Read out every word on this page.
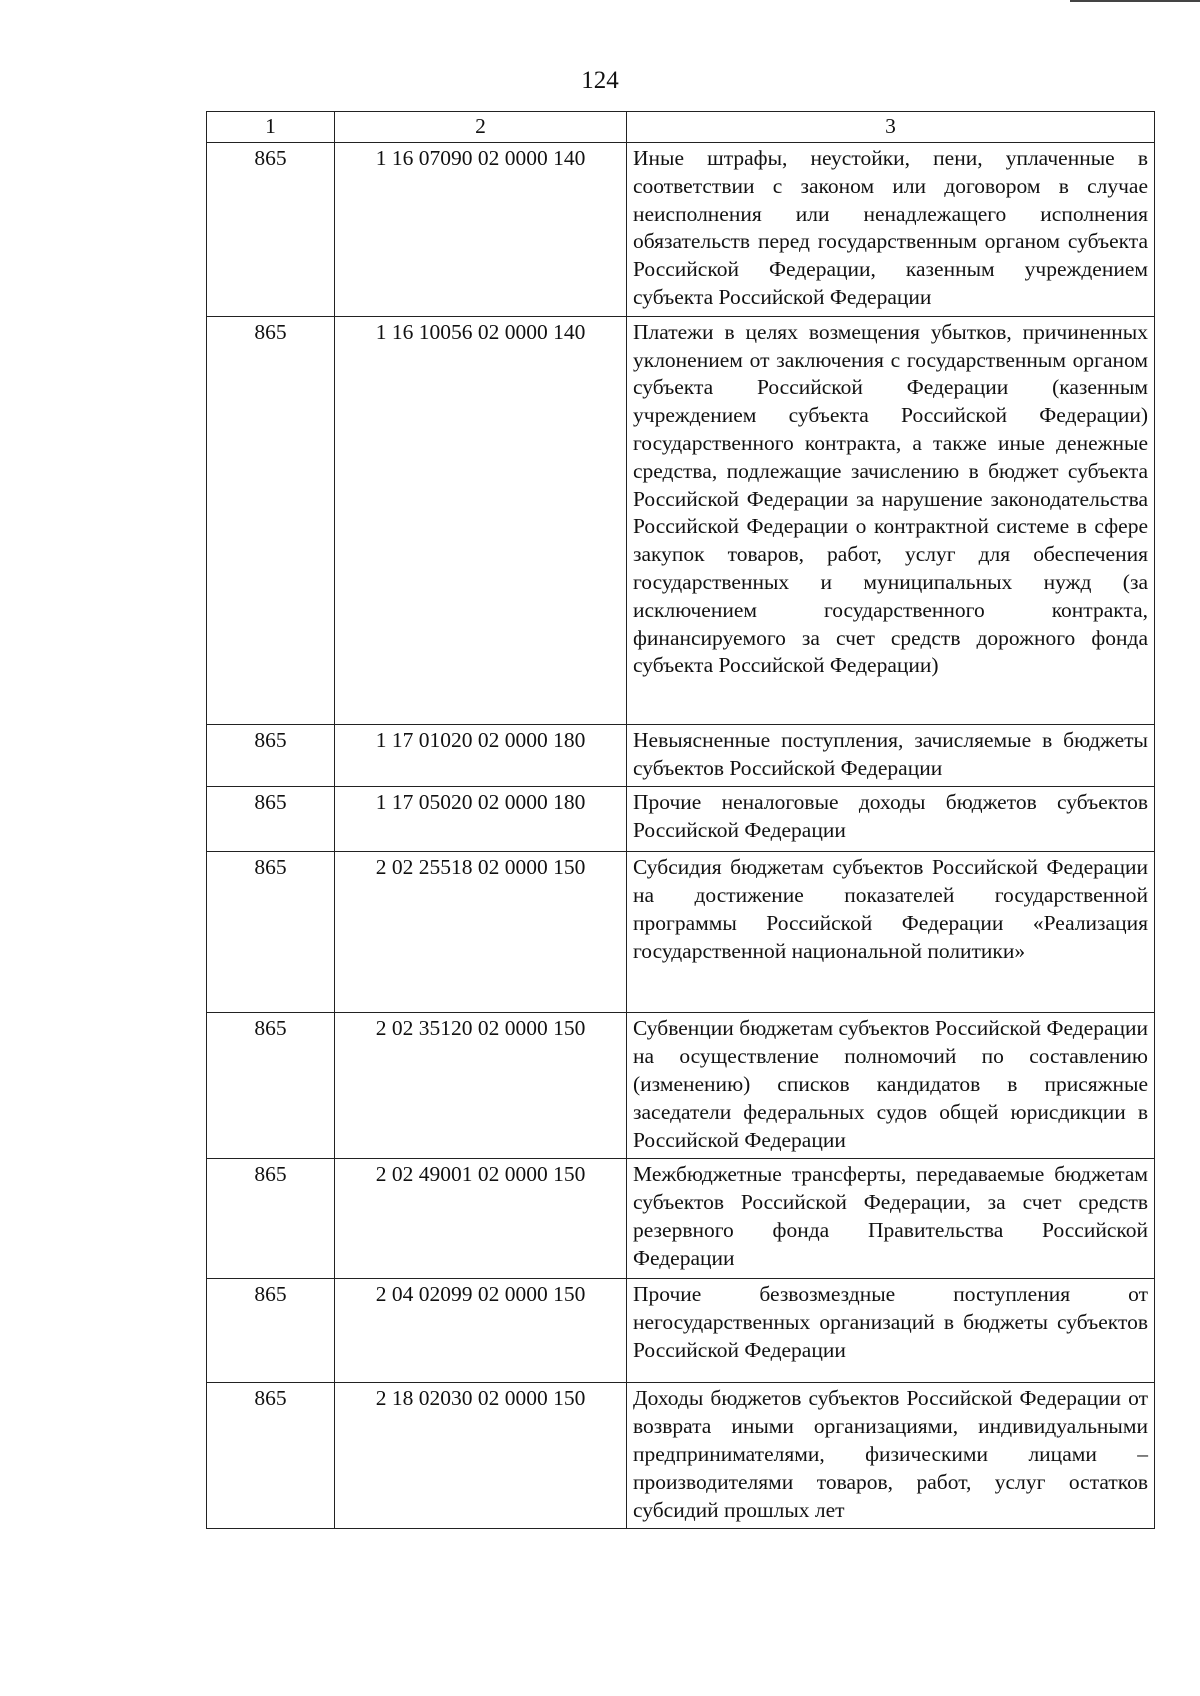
124
1	2	3
865	1 16 07090 02 0000 140	Иные штрафы, неустойки, пени, уплаченные в соответствии с законом или договором в случае неисполнения или ненадлежащего исполнения обязательств перед государственным органом субъекта Российской Федерации, казенным учреждением субъекта Российской Федерации
865	1 16 10056 02 0000 140	Платежи в целях возмещения убытков, причиненных уклонением от заключения с государственным органом субъекта Российской Федерации (казенным учреждением субъекта Российской Федерации) государственного контракта, а также иные денежные средства, подлежащие зачислению в бюджет субъекта Российской Федерации за нарушение законодательства Российской Федерации о контрактной системе в сфере закупок товаров, работ, услуг для обеспечения государственных и муниципальных нужд (за исключением государственного контракта, финансируемого за счет средств дорожного фонда субъекта Российской Федерации)
865	1 17 01020 02 0000 180	Невыясненные поступления, зачисляемые в бюджеты субъектов Российской Федерации
865	1 17 05020 02 0000 180	Прочие неналоговые доходы бюджетов субъектов Российской Федерации
865	2 02 25518 02 0000 150	Субсидия бюджетам субъектов Российской Федерации на достижение показателей государственной программы Российской Федерации «Реализация государственной национальной политики»
865	2 02 35120 02 0000 150	Субвенции бюджетам субъектов Российской Федерации на осуществление полномочий по составлению (изменению) списков кандидатов в присяжные заседатели федеральных судов общей юрисдикции в Российской Федерации
865	2 02 49001 02 0000 150	Межбюджетные трансферты, передаваемые бюджетам субъектов Российской Федерации, за счет средств резервного фонда Правительства Российской Федерации
865	2 04 02099 02 0000 150	Прочие безвозмездные поступления от негосударственных организаций в бюджеты субъектов Российской Федерации
865	2 18 02030 02 0000 150	Доходы бюджетов субъектов Российской Федерации от возврата иными организациями, индивидуальными предпринимателями, физическими лицами – производителями товаров, работ, услуг остатков субсидий прошлых лет
